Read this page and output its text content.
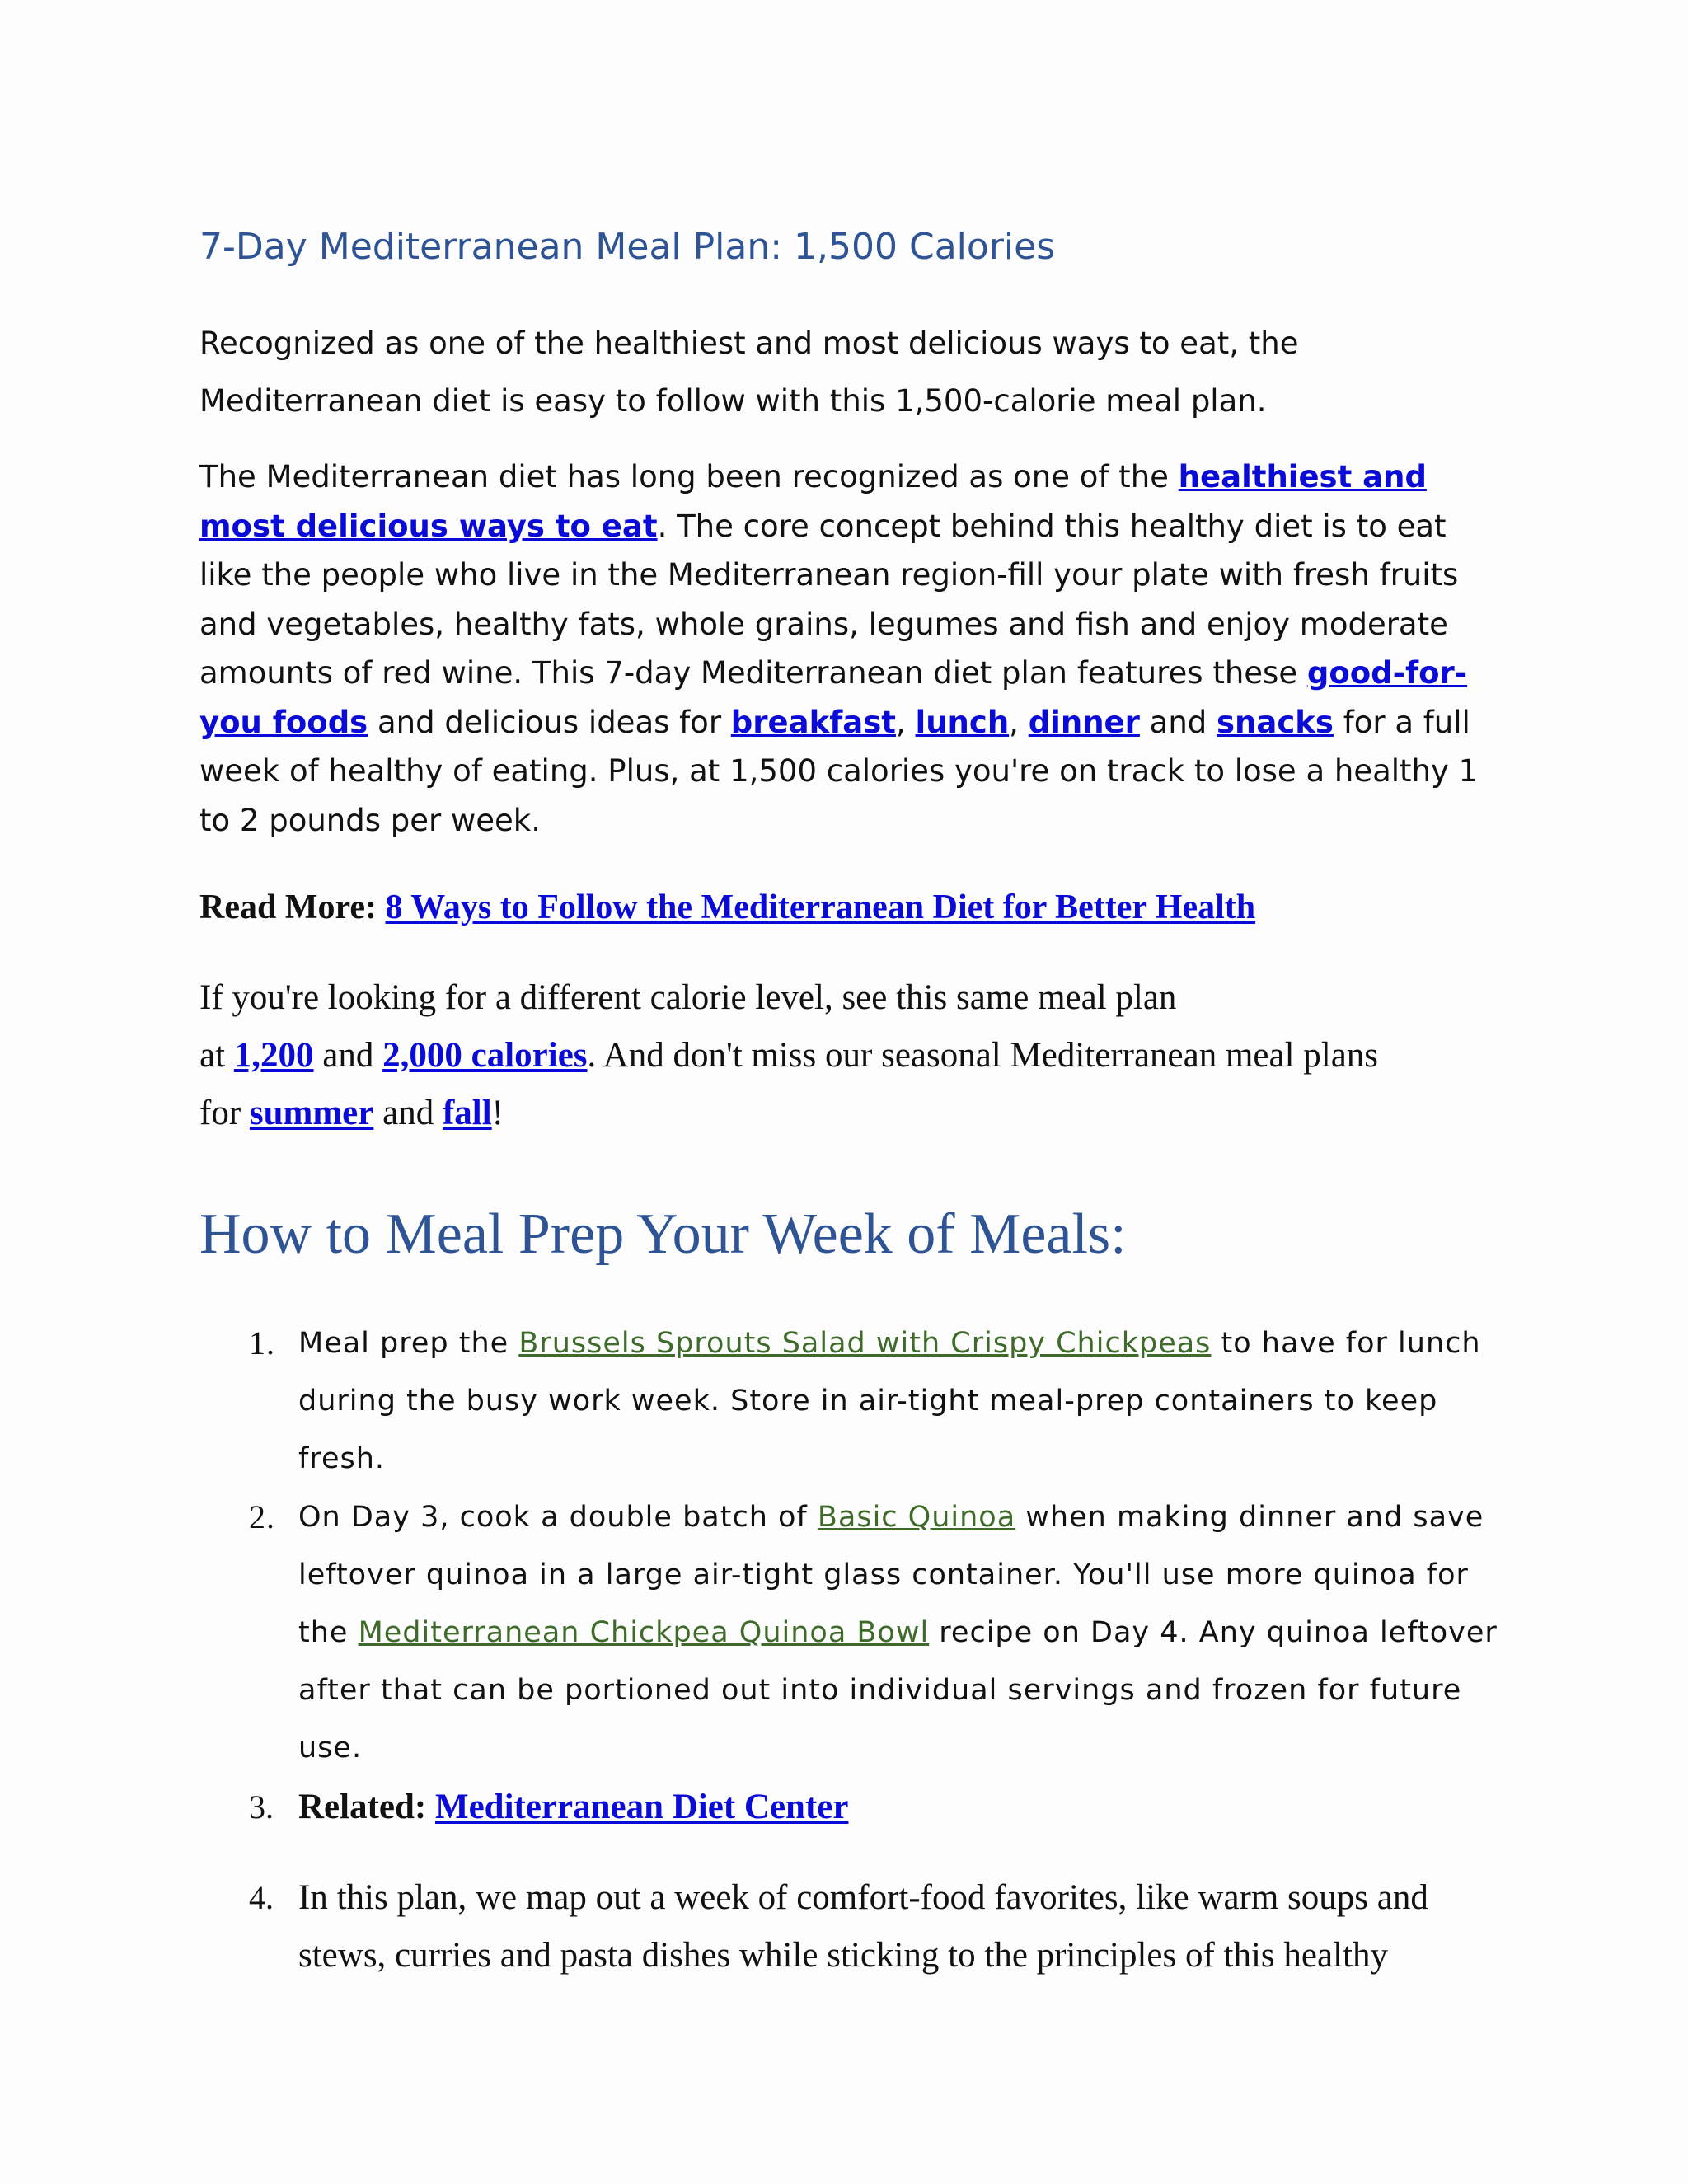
7-Day Mediterranean Meal Plan: 1,500 Calories

Recognized as one of the healthiest and most delicious ways to eat, the
Mediterranean diet is easy to follow with this 1,500-calorie meal plan.

The Mediterranean diet has long been recognized as one of the healthiest and most delicious ways to eat. The core concept behind this healthy diet is to eat like the people who live in the Mediterranean region-fill your plate with fresh fruits and vegetables, healthy fats, whole grains, legumes and fish and enjoy moderate amounts of red wine. This 7-day Mediterranean diet plan features these good-for-you foods and delicious ideas for breakfast, lunch, dinner and snacks for a full week of healthy of eating. Plus, at 1,500 calories you're on track to lose a healthy 1 to 2 pounds per week.

Read More: 8 Ways to Follow the Mediterranean Diet for Better Health

If you're looking for a different calorie level, see this same meal plan
at 1,200 and 2,000 calories. And don't miss our seasonal Mediterranean meal plans
for summer and fall!

How to Meal Prep Your Week of Meals:
1. Meal prep the Brussels Sprouts Salad with Crispy Chickpeas to have for lunch during the busy work week. Store in air-tight meal-prep containers to keep fresh.
2. On Day 3, cook a double batch of Basic Quinoa when making dinner and save leftover quinoa in a large air-tight glass container. You'll use more quinoa for the Mediterranean Chickpea Quinoa Bowl recipe on Day 4. Any quinoa leftover after that can be portioned out into individual servings and frozen for future use.
3. Related: Mediterranean Diet Center
4. In this plan, we map out a week of comfort-food favorites, like warm soups and stews, curries and pasta dishes while sticking to the principles of this healthy
